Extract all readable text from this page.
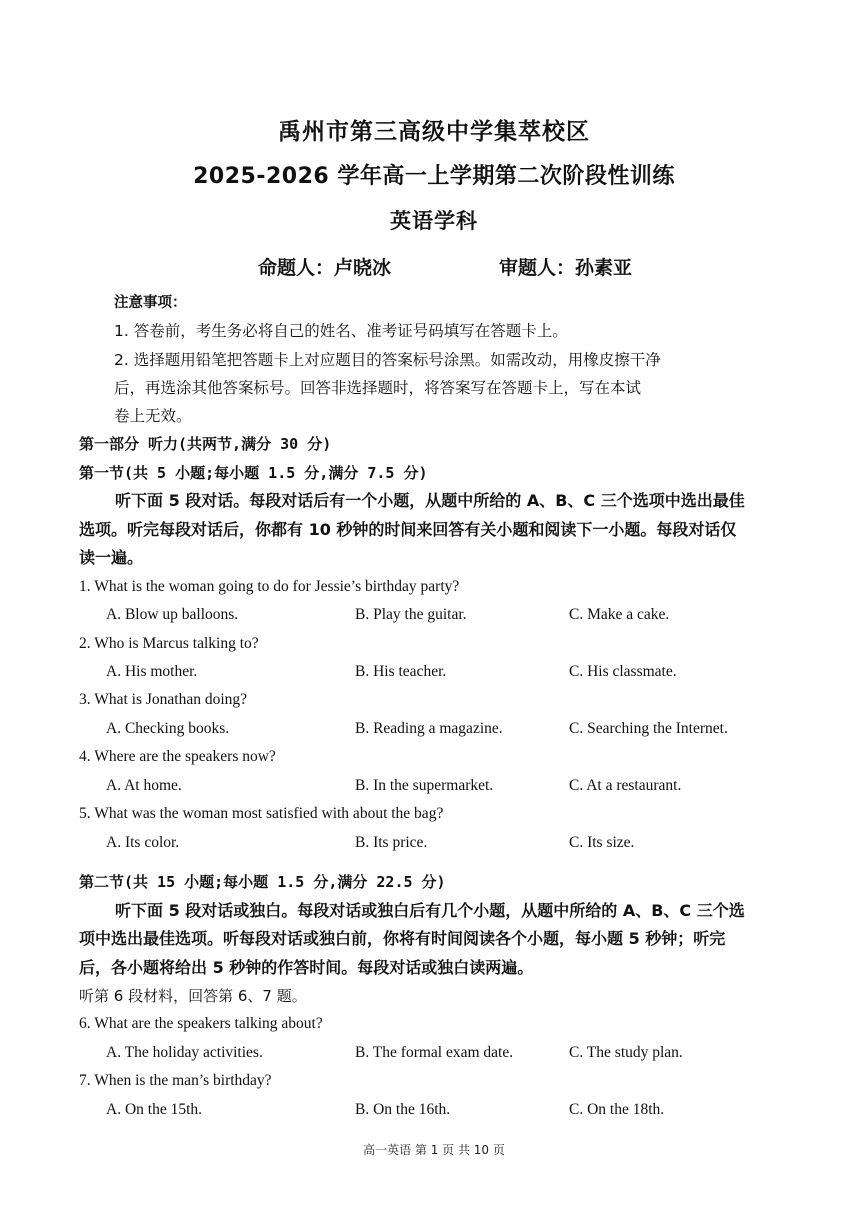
禹州市第三高级中学集萃校区
2025-2026 学年高一上学期第二次阶段性训练
英语学科
命题人：卢晓冰	审题人：孙素亚
注意事项：
1. 答卷前，考生务必将自己的姓名、准考证号码填写在答题卡上。
2. 选择题用铅笔把答题卡上对应题目的答案标号涂黑。如需改动，用橡皮擦干净
后，再选涂其他答案标号。回答非选择题时，将答案写在答题卡上，写在本试
卷上无效。
第一部分 听力(共两节,满分 30 分)
第一节(共 5 小题;每小题 1.5 分,满分 7.5 分)
听下面 5 段对话。每段对话后有一个小题，从题中所给的 A、B、C 三个选项中选出最佳
选项。听完每段对话后，你都有 10 秒钟的时间来回答有关小题和阅读下一小题。每段对话仅
读一遍。
1. What is the woman going to do for Jessie’s birthday party?
A. Blow up balloons.	B. Play the guitar.	C. Make a cake.
2. Who is Marcus talking to?
A. His mother.	B. His teacher.	C. His classmate.
3. What is Jonathan doing?
A. Checking books.	B. Reading a magazine.	C. Searching the Internet.
4. Where are the speakers now?
A. At home.	B. In the supermarket.	C. At a restaurant.
5. What was the woman most satisfied with about the bag?
A. Its color.	B. Its price.	C. Its size.
第二节(共 15 小题;每小题 1.5 分,满分 22.5 分)
听下面 5 段对话或独白。每段对话或独白后有几个小题，从题中所给的 A、B、C 三个选
项中选出最佳选项。听每段对话或独白前，你将有时间阅读各个小题，每小题 5 秒钟；听完
后，各小题将给出 5 秒钟的作答时间。每段对话或独白读两遍。
听第 6 段材料，回答第 6、7 题。
6. What are the speakers talking about?
A. The holiday activities.	B. The formal exam date.	C. The study plan.
7. When is the man’s birthday?
A. On the 15th.	B. On the 16th.	C. On the 18th.
高一英语 第 1 页 共 10 页
